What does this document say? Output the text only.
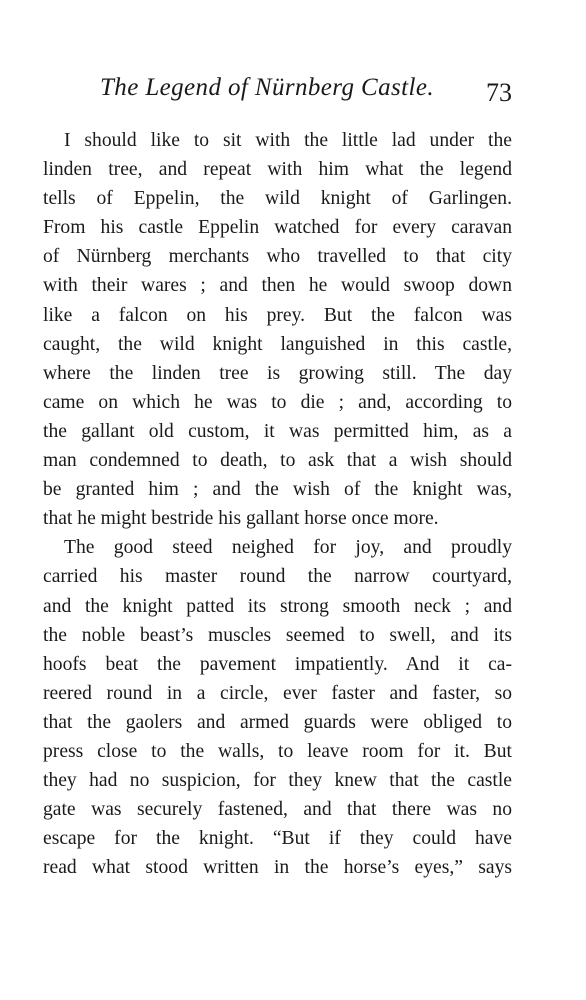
The Legend of Nürnberg Castle. 73
I should like to sit with the little lad under the
linden tree, and repeat with him what the legend
tells of Eppelin, the wild knight of Garlingen.
From his castle Eppelin watched for every caravan
of Nürnberg merchants who travelled to that city
with their wares ; and then he would swoop down
like a falcon on his prey. But the falcon was
caught, the wild knight languished in this castle,
where the linden tree is growing still. The day
came on which he was to die ; and, according to
the gallant old custom, it was permitted him, as a
man condemned to death, to ask that a wish should
be granted him ; and the wish of the knight was,
that he might bestride his gallant horse once more.
The good steed neighed for joy, and proudly
carried his master round the narrow courtyard,
and the knight patted its strong smooth neck ; and
the noble beast’s muscles seemed to swell, and its
hoofs beat the pavement impatiently. And it ca-
reered round in a circle, ever faster and faster, so
that the gaolers and armed guards were obliged to
press close to the walls, to leave room for it. But
they had no suspicion, for they knew that the castle
gate was securely fastened, and that there was no
escape for the knight. “But if they could have
read what stood written in the horse’s eyes,” says
